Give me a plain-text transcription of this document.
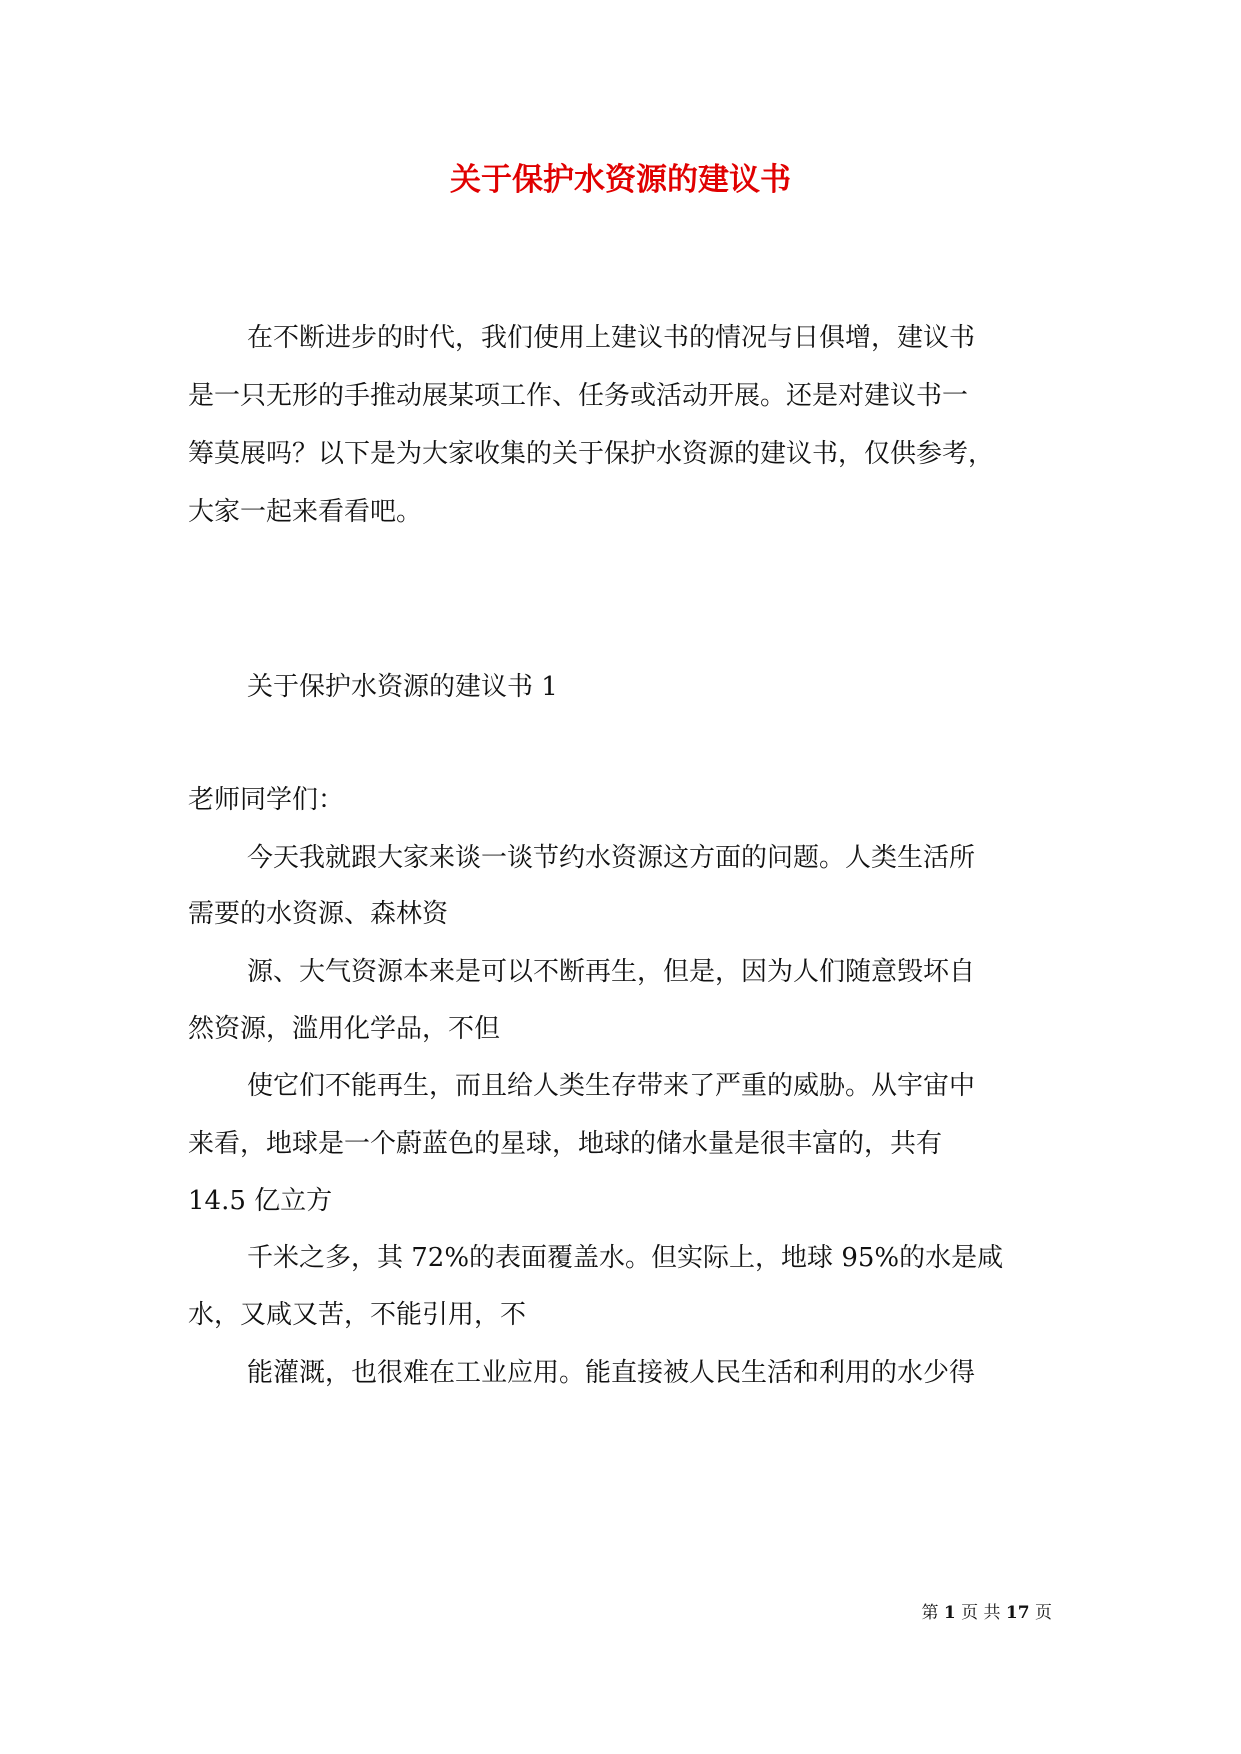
关于保护水资源的建议书
在不断进步的时代，我们使用上建议书的情况与日俱增，建议书
是一只无形的手推动展某项工作、任务或活动开展。还是对建议书一
筹莫展吗？以下是为大家收集的关于保护水资源的建议书，仅供参考，
大家一起来看看吧。
关于保护水资源的建议书 1
老师同学们：
今天我就跟大家来谈一谈节约水资源这方面的问题。人类生活所
需要的水资源、森林资
源、大气资源本来是可以不断再生，但是，因为人们随意毁坏自
然资源，滥用化学品，不但
使它们不能再生，而且给人类生存带来了严重的威胁。从宇宙中
来看，地球是一个蔚蓝色的星球，地球的储水量是很丰富的，共有
14.5 亿立方
千米之多，其 72%的表面覆盖水。但实际上，地球 95%的水是咸
水，又咸又苦，不能引用，不
能灌溉，也很难在工业应用。能直接被人民生活和利用的水少得
第 1 页 共 17 页
